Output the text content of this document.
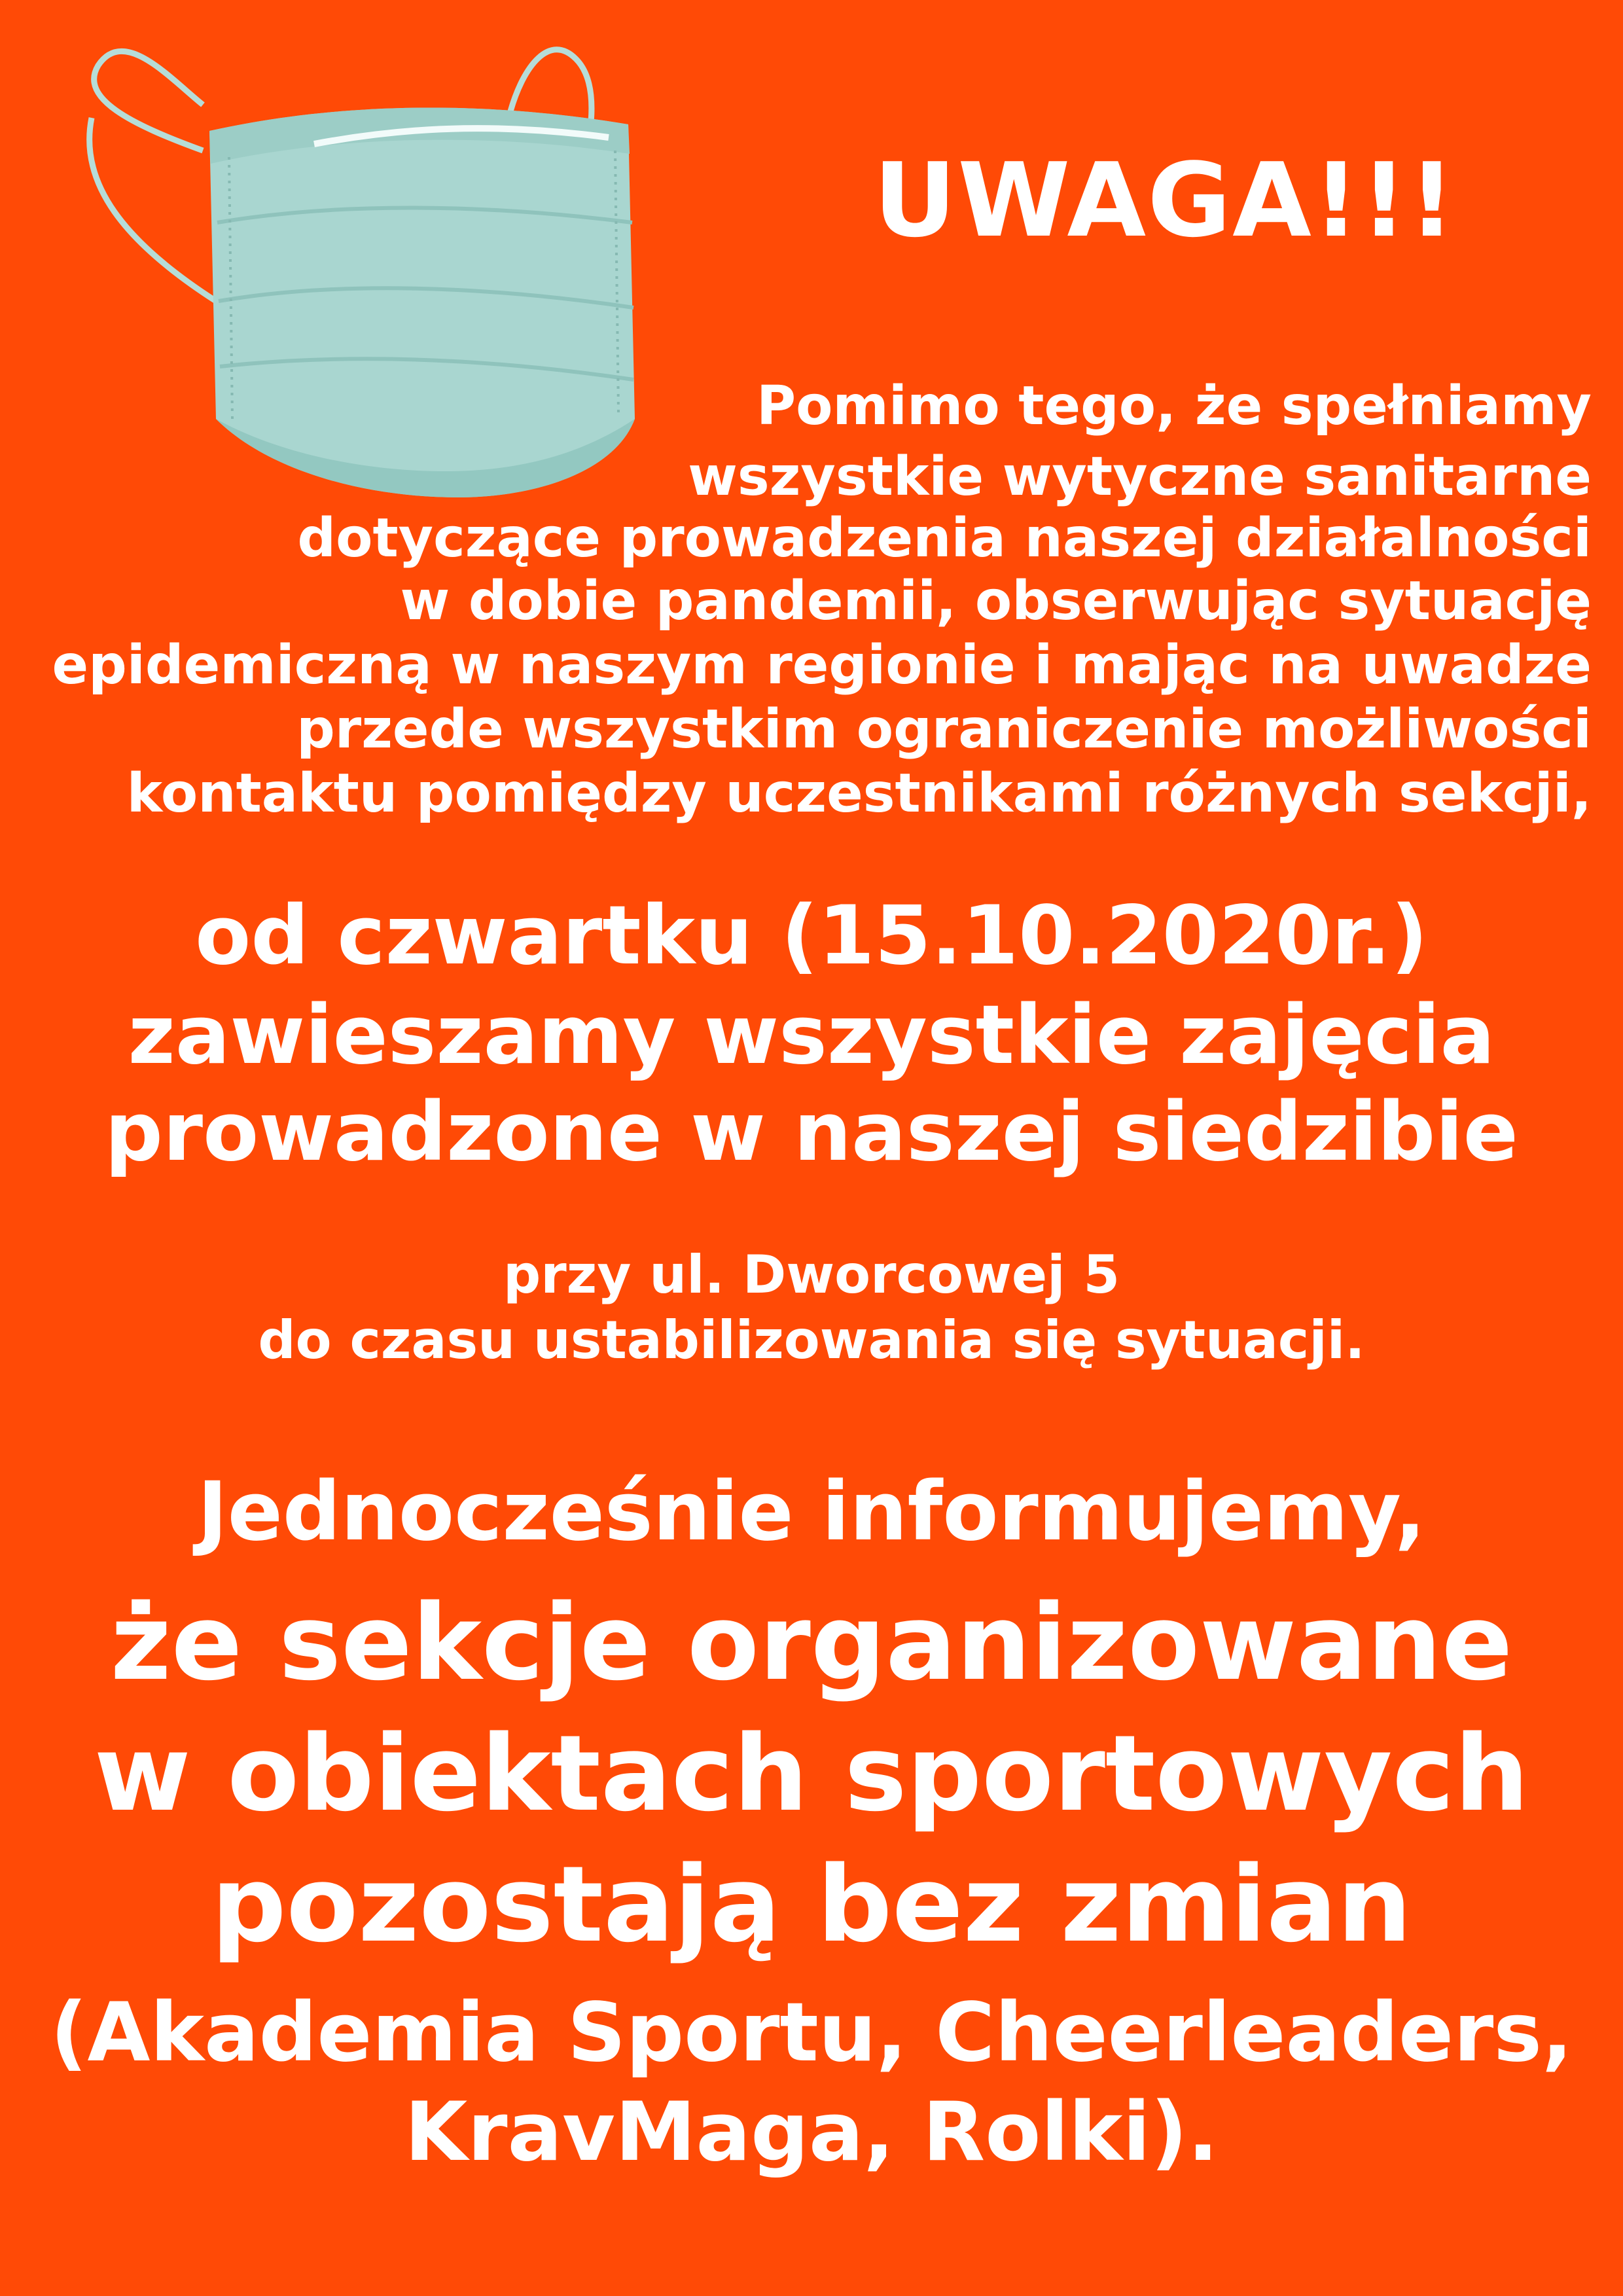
UWAGA!!!
Pomimo tego, że spełniamy
wszystkie wytyczne sanitarne
dotyczące prowadzenia naszej działalności
w dobie pandemii, obserwując sytuację
epidemiczną w naszym regionie i mając na uwadze
przede wszystkim ograniczenie możliwości
kontaktu pomiędzy uczestnikami różnych sekcji,
od czwartku (15.10.2020r.)
zawieszamy wszystkie zajęcia
prowadzone w naszej siedzibie
przy ul. Dworcowej 5
do czasu ustabilizowania się sytuacji.
Jednocześnie informujemy,
że sekcje organizowane
w obiektach sportowych
pozostają bez zmian
(Akademia Sportu, Cheerleaders,
KravMaga, Rolki).
